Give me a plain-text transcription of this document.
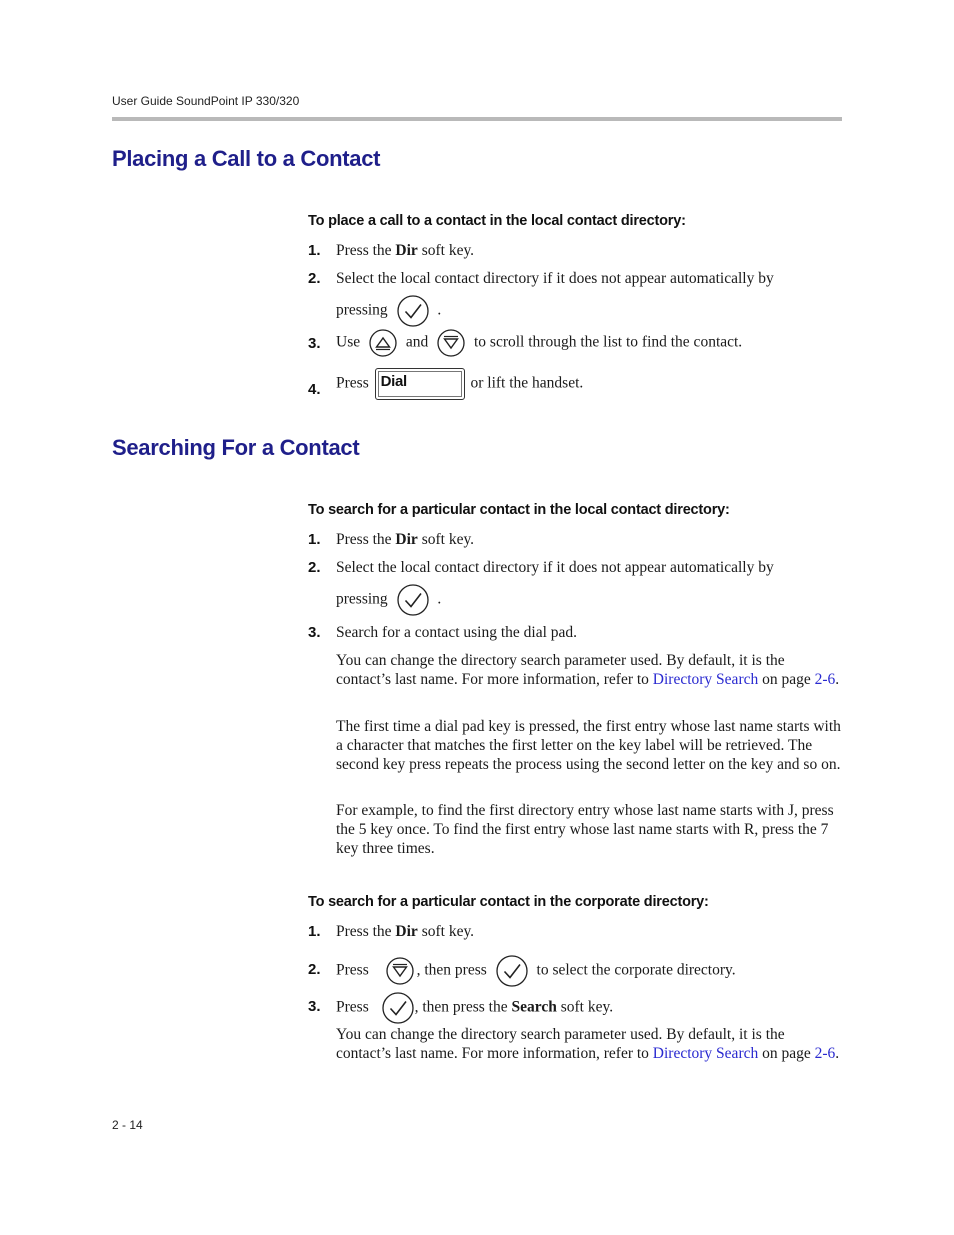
User Guide SoundPoint IP 330/320
Placing a Call to a Contact
To place a call to a contact in the local contact directory:
1. Press the Dir soft key.
2. Select the local contact directory if it does not appear automatically by
pressing	.
3. Use	and	to scroll through the list to find the contact.
4. Press Dial	or lift the handset.
Searching For a Contact
To search for a particular contact in the local contact directory:
1. Press the Dir soft key.
2. Select the local contact directory if it does not appear automatically by
pressing	.
3. Search for a contact using the dial pad.
You can change the directory search parameter used. By default, it is the contact’s last name. For more information, refer to Directory Search on page 2-6.
The first time a dial pad key is pressed, the first entry whose last name starts with a character that matches the first letter on the key label will be retrieved. The second key press repeats the process using the second letter on the key and so on.
For example, to find the first directory entry whose last name starts with J, press the 5 key once. To find the first entry whose last name starts with R, press the 7 key three times.
To search for a particular contact in the corporate directory:
1. Press the Dir soft key.
2. Press	, then press	to select the corporate directory.
3. Press	, then press the Search soft key.
You can change the directory search parameter used. By default, it is the contact’s last name. For more information, refer to Directory Search on page 2-6.
2 - 14
